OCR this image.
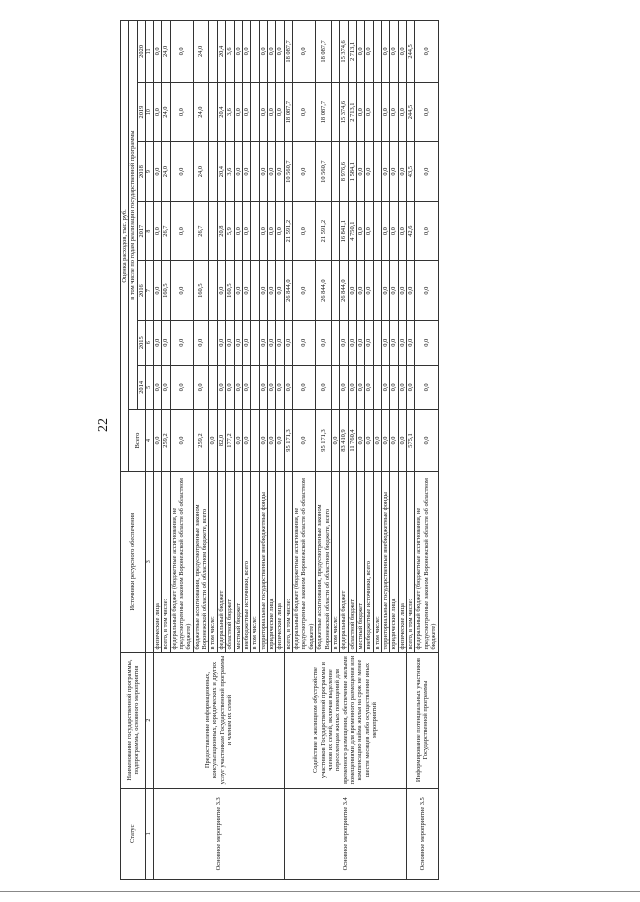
22
Статус	Наименование государственной программы, подпрограммы, основного мероприятия	Источники ресурсного обеспечения	Оценка расходов, тыс. руб.							
			Всего	в том числе по годам реализации государственной программы						
				2014	2015	2016	2017	2018	2019	2020
1	2	3	4	5	6	7	8	9	10	11
Основное мероприятие 3.3	Предоставление информационных, консультационных, юридических и других услуг участникам Государственной программы и членам их семей	физические лица	0,0	0,0	0,0	0,0	0,0	0,0	0,0	0,0
		всего, в том числе:	259,2	0,0	0,0	160,5	26,7	24,0	24,0	24,0
		федеральный бюджет (бюджетные ассигнования, не предусмотренные законом Воронежской области об областном бюджете)	0,0	0,0	0,0	0,0	0,0	0,0	0,0	0,0
		бюджетные ассигнования, предусмотренные законом Воронежской области об областном бюджете, всего	259,2	0,0	0,0	160,5	26,7	24,0	24,0	24,0
		в том числе:	0,0							
		федеральный бюджет	82,0	0,0	0,0	0,0	20,8	20,4	20,4	20,4
		областной бюджет	177,2	0,0	0,0	160,5	5,9	3,6	3,6	3,6
		местный бюджет	0,0	0,0	0,0	0,0	0,0	0,0	0,0	0,0
		внебюджетные источники, всего	0,0	0,0	0,0	0,0	0,0	0,0	0,0	0,0
		в том числе:								
		территориальные государственные внебюджетные фонды	0,0	0,0	0,0	0,0	0,0	0,0	0,0	0,0
		юридические лица	0,0	0,0	0,0	0,0	0,0	0,0	0,0	0,0
		физические лица	0,0	0,0	0,0	0,0	0,0	0,0	0,0	0,0
Основное мероприятие 3.4	Содействие в жилищном обустройстве участников Государственной программы и членов их семей, включая выделение переселенцам жилых помещений для временного размещения, обеспечение жилыми помещениями для временного размещения или компенсацию найма жилья на срок не менее шести месяцев либо осуществление иных мероприятий	всего, в том числе:	95 171,3	0,0	0,0	26 844,0	21 591,2	10 560,7	18 087,7	18 087,7
		федеральный бюджет (бюджетные ассигнования, не предусмотренные законом Воронежской области об областном бюджете)	0,0	0,0	0,0	0,0	0,0	0,0	0,0	0,0
		бюджетные ассигнования, предусмотренные законом Воронежской области об областном бюджете, всего	95 171,3	0,0	0,0	26 844,0	21 591,2	10 560,7	18 087,7	18 087,7
		в том числе:	0,0							
		федеральный бюджет	83 410,9	0,0	0,0	26 844,0	16 841,1	8 976,6	15 374,6	15 374,6
		областной бюджет	11 760,4	0,0	0,0	0,0	4 750,1	1 584,1	2 713,1	2 713,1
		местный бюджет	0,0	0,0	0,0	0,0	0,0	0,0	0,0	0,0
		внебюджетные источники, всего	0,0	0,0	0,0	0,0	0,0	0,0	0,0	0,0
		в том числе:	0,0							
		территориальные государственные внебюджетные фонды	0,0	0,0	0,0	0,0	0,0	0,0	0,0	0,0
		юридические лица	0,0	0,0	0,0	0,0	0,0	0,0	0,0	0,0
		физические лица	0,0	0,0	0,0	0,0	0,0	0,0	0,0	0,0
Основное мероприятие 3.5	Информирование потенциальных участников Государственной программы	всего, в том числе:	575,1	0,0	0,0	0,0	42,6	43,5	244,5	244,5
		федеральный бюджет (бюджетные ассигнования, не предусмотренные законом Воронежской области об областном бюджете)	0,0	0,0	0,0	0,0	0,0	0,0	0,0	0,0
